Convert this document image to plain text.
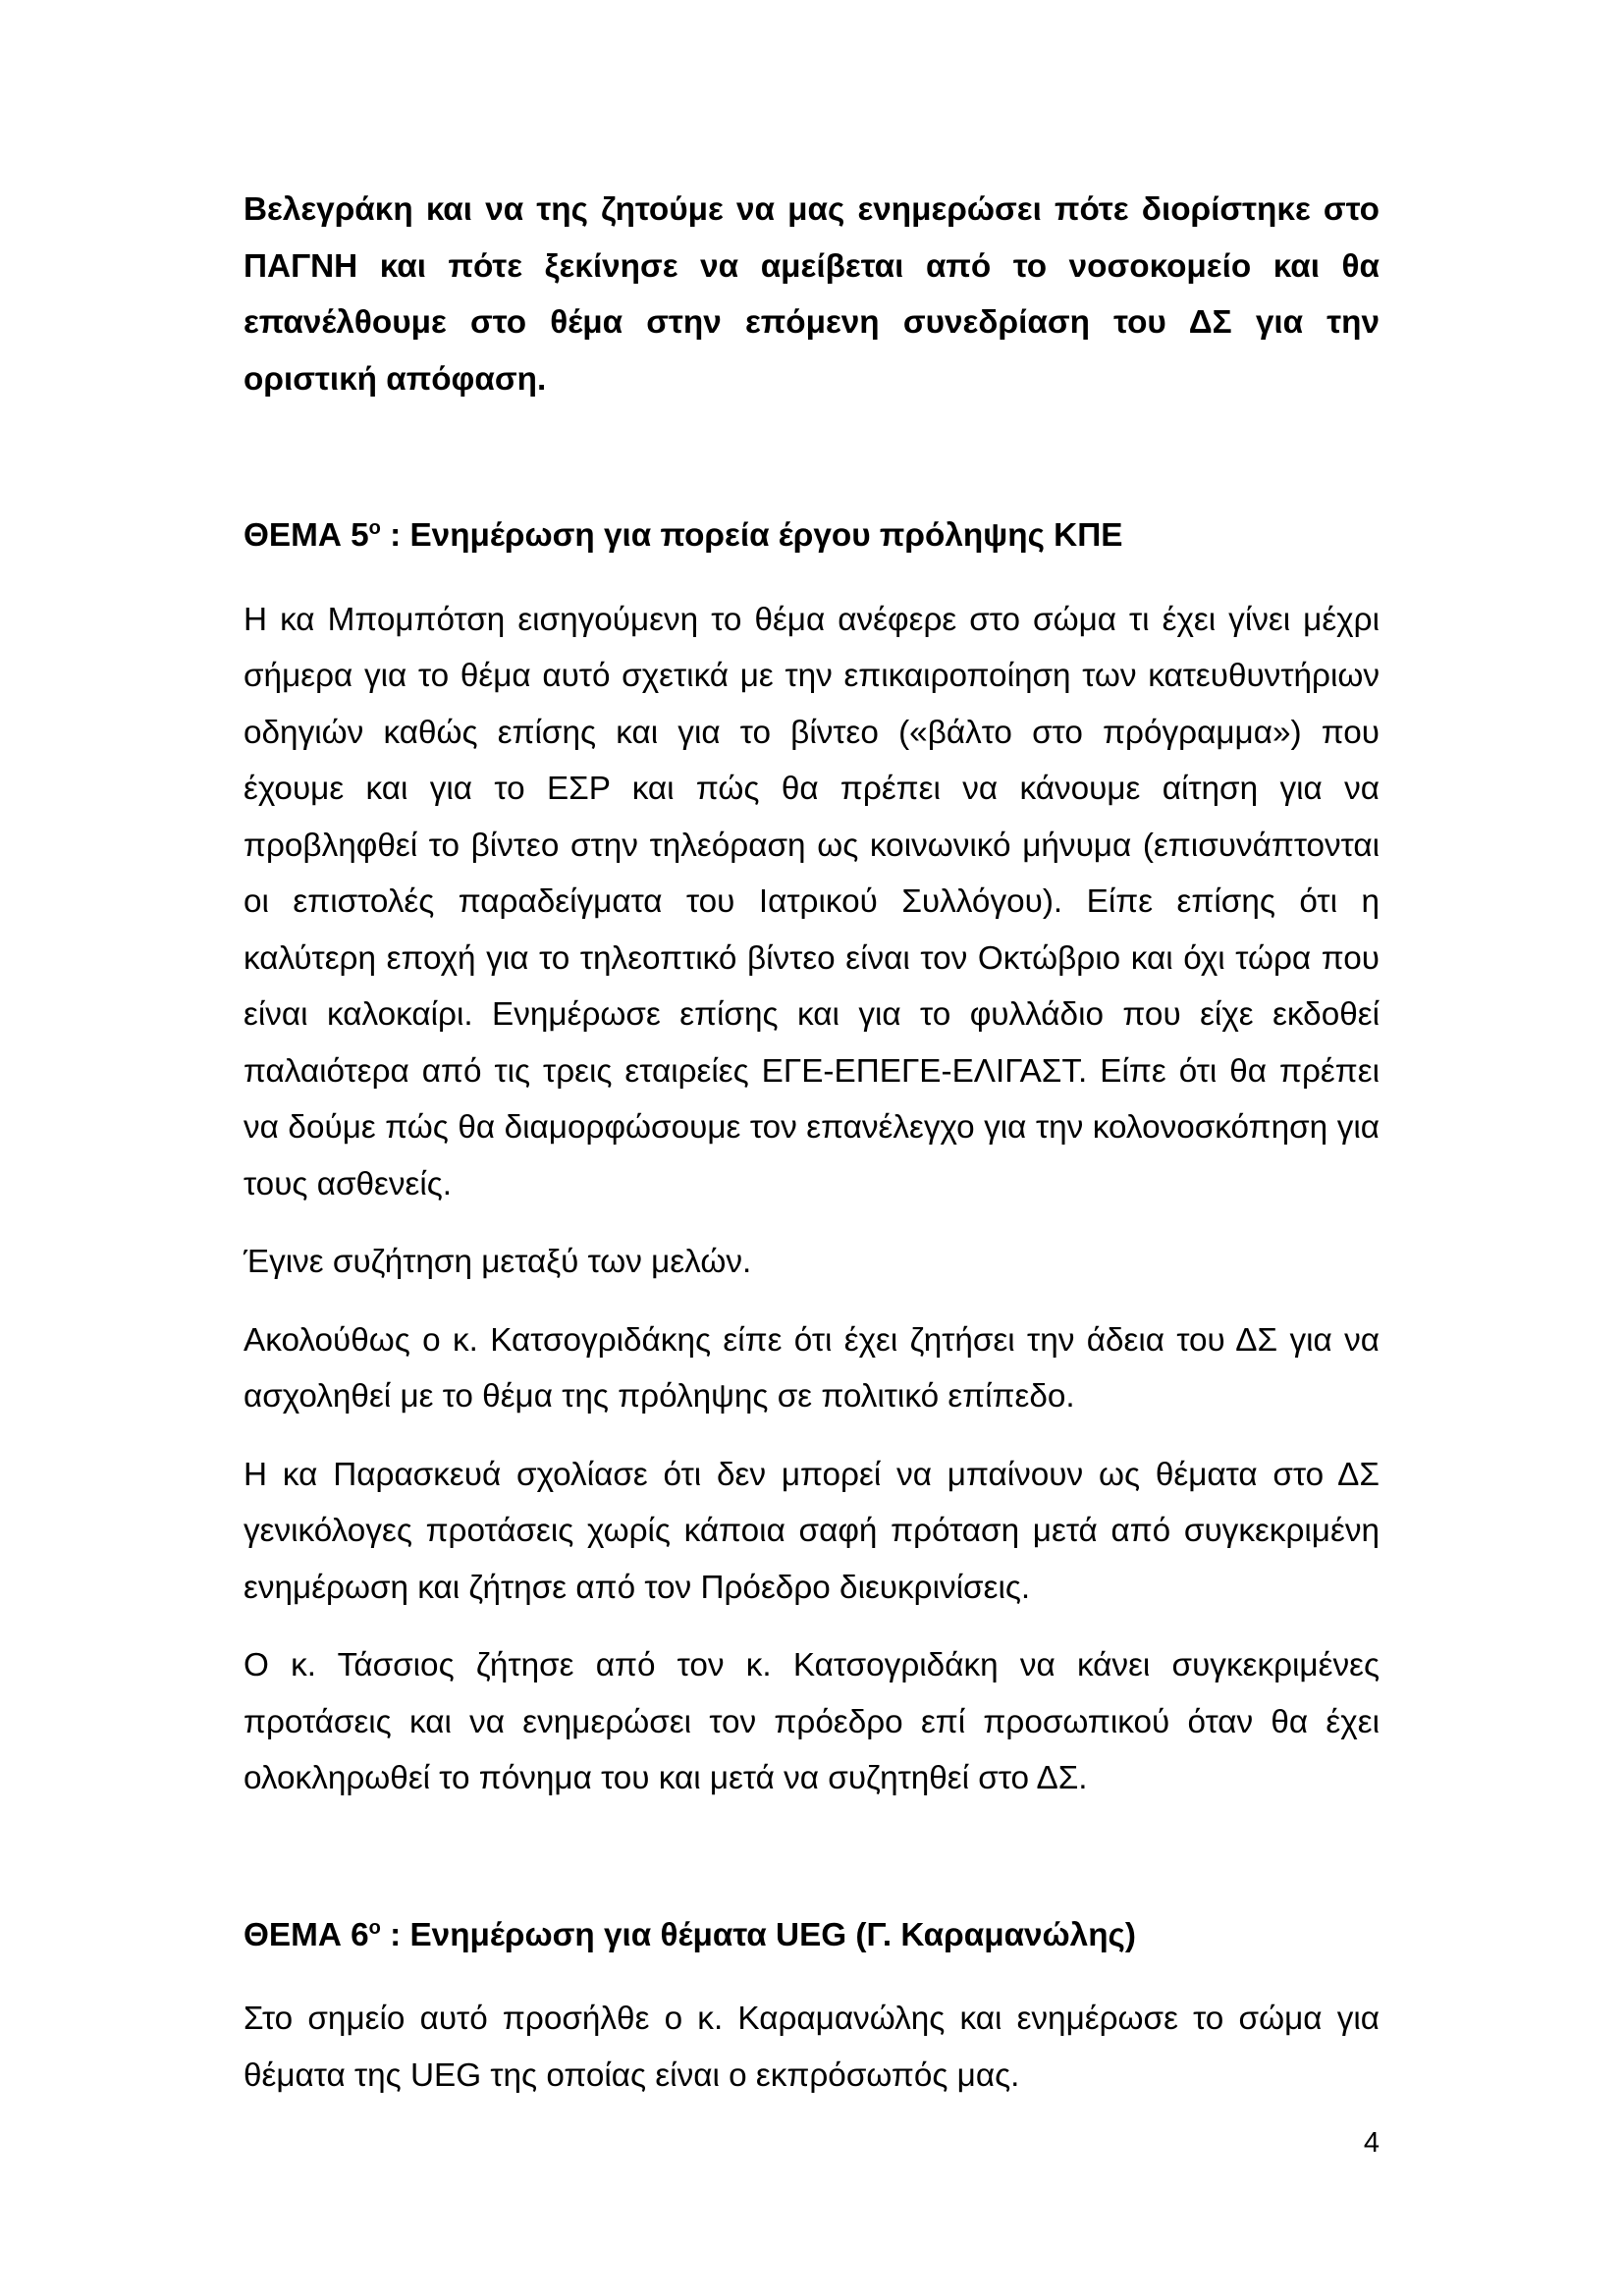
Βελεγράκη και να της ζητούμε να μας ενημερώσει πότε διορίστηκε στο ΠΑΓΝΗ και πότε ξεκίνησε να αμείβεται από το νοσοκομείο και θα επανέλθουμε στο θέμα στην επόμενη συνεδρίαση του ΔΣ για την οριστική απόφαση.

ΘΕΜΑ $5^o$ : Ενημέρωση για πορεία έργου πρόληψης ΚΠΕ

Η κα Μπομπότση εισηγούμενη το θέμα ανέφερε στο σώμα τι έχει γίνει μέχρι σήμερα για το θέμα αυτό σχετικά με την επικαιροποίηση των κατευθυντήριων οδηγιών καθώς επίσης και για το βίντεο («βάλτο στο πρόγραμμα») που έχουμε και για το ΕΣΡ και πώς θα πρέπει να κάνουμε αίτηση για να προβληφθεί το βίντεο στην τηλεόραση ως κοινωνικό μήνυμα (επισυνάπτονται οι επιστολές παραδείγματα του Ιατρικού Συλλόγου). Είπε επίσης ότι η καλύτερη εποχή για το τηλεοπτικό βίντεο είναι τον Οκτώβριο και όχι τώρα που είναι καλοκαίρι. Ενημέρωσε επίσης και για το φυλλάδιο που είχε εκδοθεί παλαιότερα από τις τρεις εταιρείες ΕΓΕ-ΕΠΕΓΕ-ΕΛΙΓΑΣΤ. Είπε ότι θα πρέπει να δούμε πώς θα διαμορφώσουμε τον επανέλεγχο για την κολονοσκόπηση για τους ασθενείς.

Έγινε συζήτηση μεταξύ των μελών.

Ακολούθως ο κ. Κατσογριδάκης είπε ότι έχει ζητήσει την άδεια του ΔΣ για να ασχοληθεί με το θέμα της πρόληψης σε πολιτικό επίπεδο.

Η κα Παρασκευά σχολίασε ότι δεν μπορεί να μπαίνουν ως θέματα στο ΔΣ γενικόλογες προτάσεις χωρίς κάποια σαφή πρόταση μετά από συγκεκριμένη ενημέρωση και ζήτησε από τον Πρόεδρο διευκρινίσεις.

Ο κ. Τάσσιος ζήτησε από τον κ. Κατσογριδάκη να κάνει συγκεκριμένες προτάσεις και να ενημερώσει τον πρόεδρο επί προσωπικού όταν θα έχει ολοκληρωθεί το πόνημα του και μετά να συζητηθεί στο ΔΣ.

ΘΕΜΑ $6^o$ : Ενημέρωση για θέματα UEG (Γ. Καραμανώλης)

Στο σημείο αυτό προσήλθε ο κ. Καραμανώλης και ενημέρωσε το σώμα για θέματα της UEG της οποίας είναι ο εκπρόσωπός μας.

4
